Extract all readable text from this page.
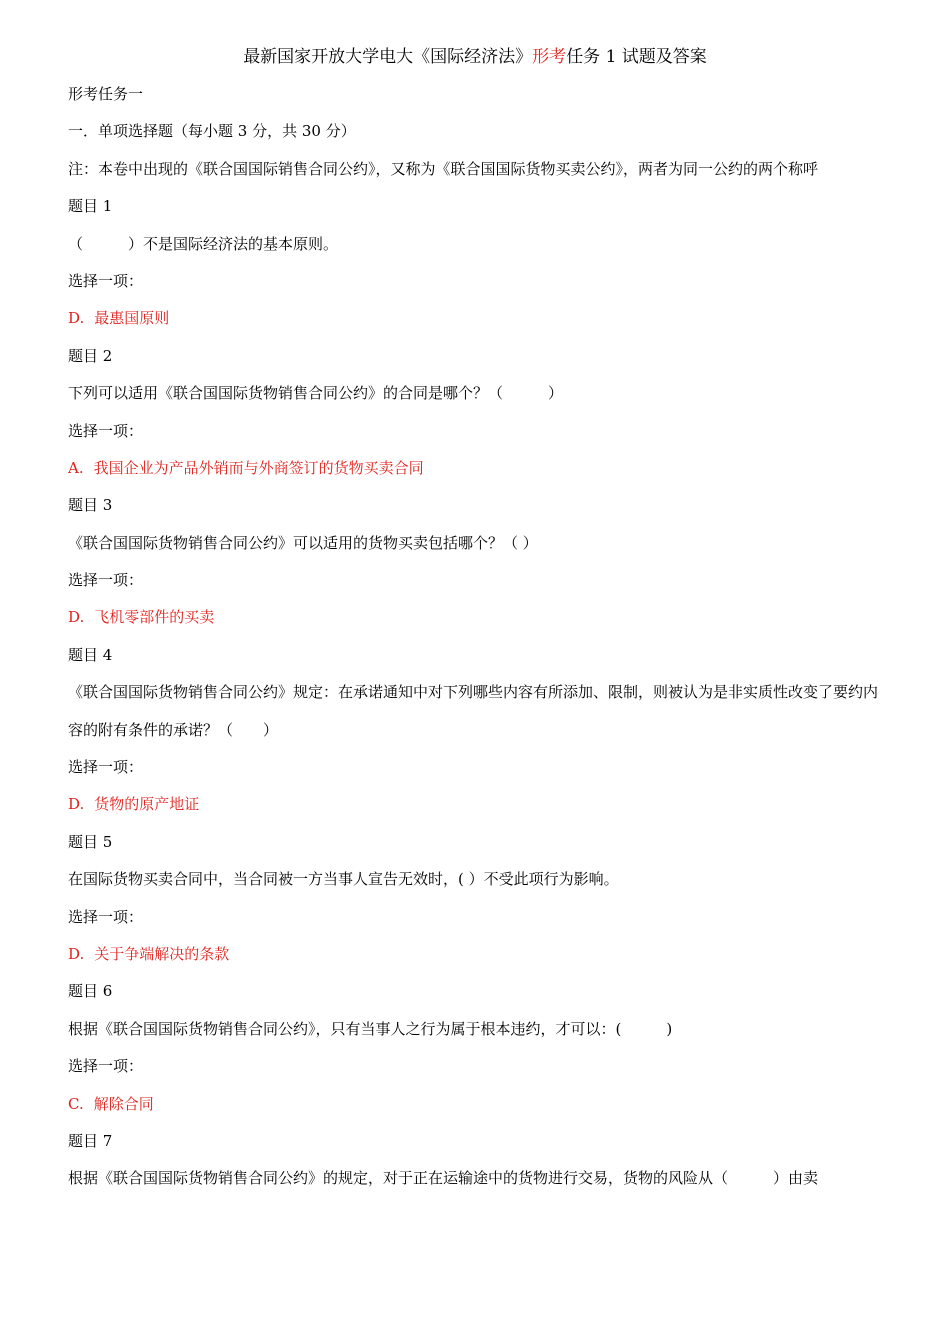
最新国家开放大学电大《国际经济法》形考任务 1 试题及答案
形考任务一
一．单项选择题（每小题 3 分，共 30 分）
注：本卷中出现的《联合国国际销售合同公约》，又称为《联合国国际货物买卖公约》，两者为同一公约的两个称呼
题目 1
（　　　）不是国际经济法的基本原则。
选择一项：
D. 最惠国原则
题目 2
下列可以适用《联合国国际货物销售合同公约》的合同是哪个？（　　　）
选择一项：
A. 我国企业为产品外销而与外商签订的货物买卖合同
题目 3
《联合国国际货物销售合同公约》可以适用的货物买卖包括哪个？（ ）
选择一项：
D. 飞机零部件的买卖
题目 4
《联合国国际货物销售合同公约》规定：在承诺通知中对下列哪些内容有所添加、限制，则被认为是非实质性改变了要约内容的附有条件的承诺？（　　）
选择一项：
D. 货物的原产地证
题目 5
在国际货物买卖合同中，当合同被一方当事人宣告无效时，( ）不受此项行为影响。
选择一项：
D. 关于争端解决的条款
题目 6
根据《联合国国际货物销售合同公约》，只有当事人之行为属于根本违约，才可以：(　　　)
选择一项：
C. 解除合同
题目 7
根据《联合国国际货物销售合同公约》的规定，对于正在运输途中的货物进行交易，货物的风险从（　　　）由卖
